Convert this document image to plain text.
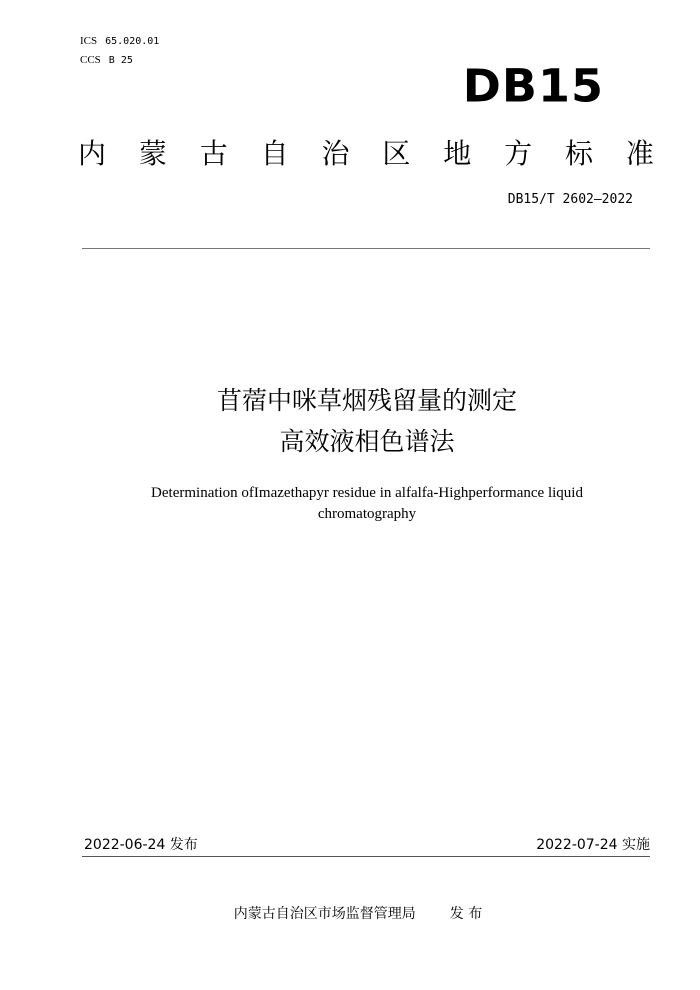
ICS 65.020.01
CCS B 25	DB15
内 蒙 古 自 治 区 地 方 标 准
DB15/T 2602—2022
苜蓿中咪草烟残留量的测定
高效液相色谱法
Determination ofImazethapyr residue in alfalfa-Highperformance liquid chromatography
2022-06-24 发布	2022-07-24 实施
内蒙古自治区市场监督管理局 发 布
